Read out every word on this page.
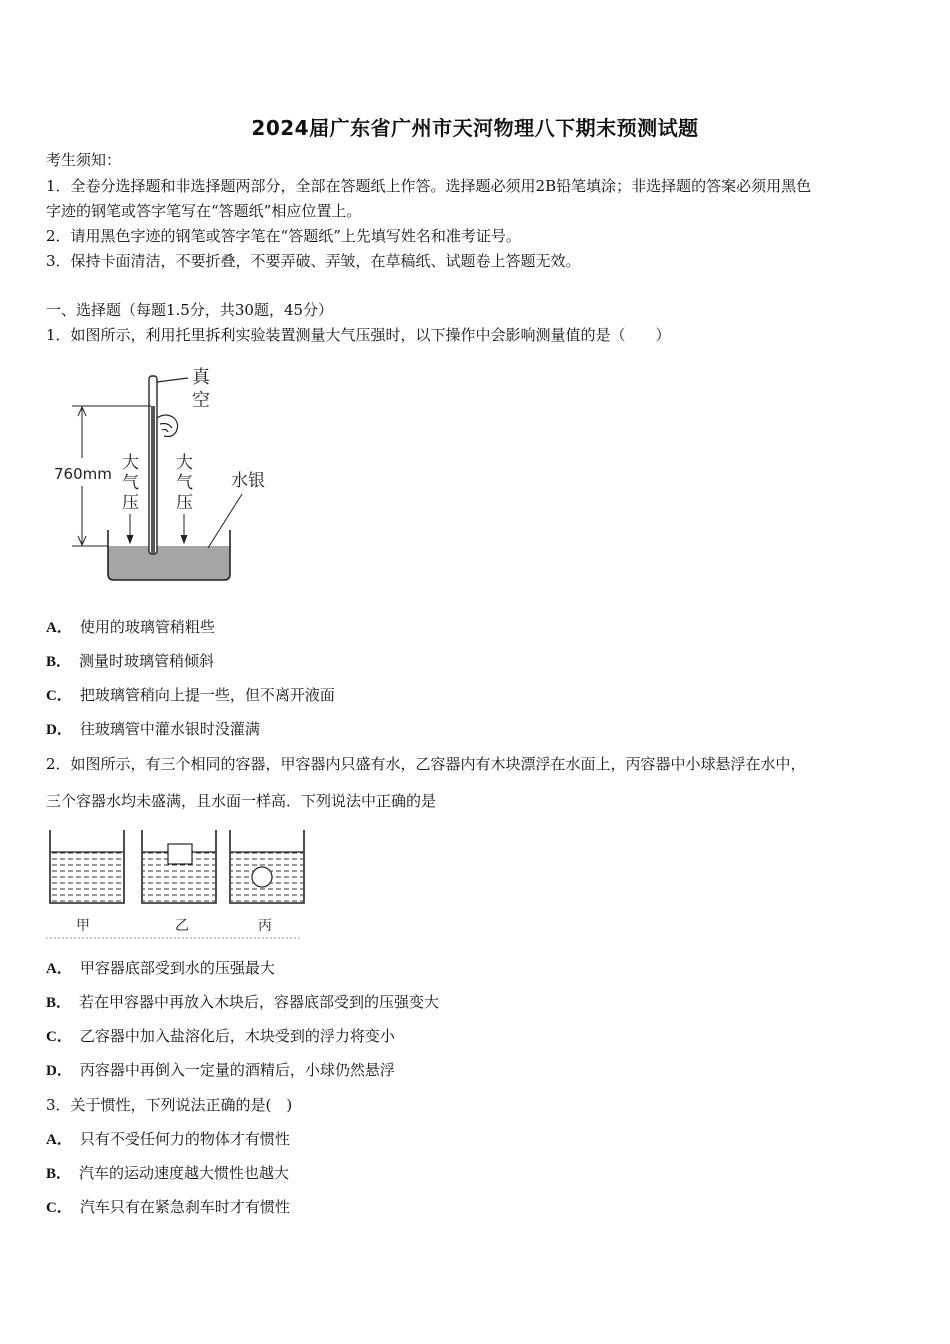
2024届广东省广州市天河物理八下期末预测试题
考生须知：
1．全卷分选择题和非选择题两部分，全部在答题纸上作答。选择题必须用2B铅笔填涂；非选择题的答案必须用黑色
字迹的钢笔或答字笔写在“答题纸”相应位置上。
2．请用黑色字迹的钢笔或答字笔在“答题纸”上先填写姓名和准考证号。
3．保持卡面清洁，不要折叠，不要弄破、弄皱，在草稿纸、试题卷上答题无效。
一、选择题（每题1.5分，共30题，45分）
1．如图所示，利用托里拆利实验装置测量大气压强时，以下操作中会影响测量值的是（　　）
真
空
760mm
大
气
压
大
气
压
水银
A． 使用的玻璃管稍粗些
B． 测量时玻璃管稍倾斜
C． 把玻璃管稍向上提一些，但不离开液面
D． 往玻璃管中灌水银时没灌满
2．如图所示，有三个相同的容器，甲容器内只盛有水，乙容器内有木块漂浮在水面上，丙容器中小球悬浮在水中，
三个容器水均未盛满，且水面一样高．下列说法中正确的是
甲	乙	丙
A． 甲容器底部受到水的压强最大
B． 若在甲容器中再放入木块后，容器底部受到的压强变大
C． 乙容器中加入盐溶化后，木块受到的浮力将变小
D． 丙容器中再倒入一定量的酒精后，小球仍然悬浮
3．关于惯性，下列说法正确的是(　)
A． 只有不受任何力的物体才有惯性
B． 汽车的运动速度越大惯性也越大
C． 汽车只有在紧急刹车时才有惯性
